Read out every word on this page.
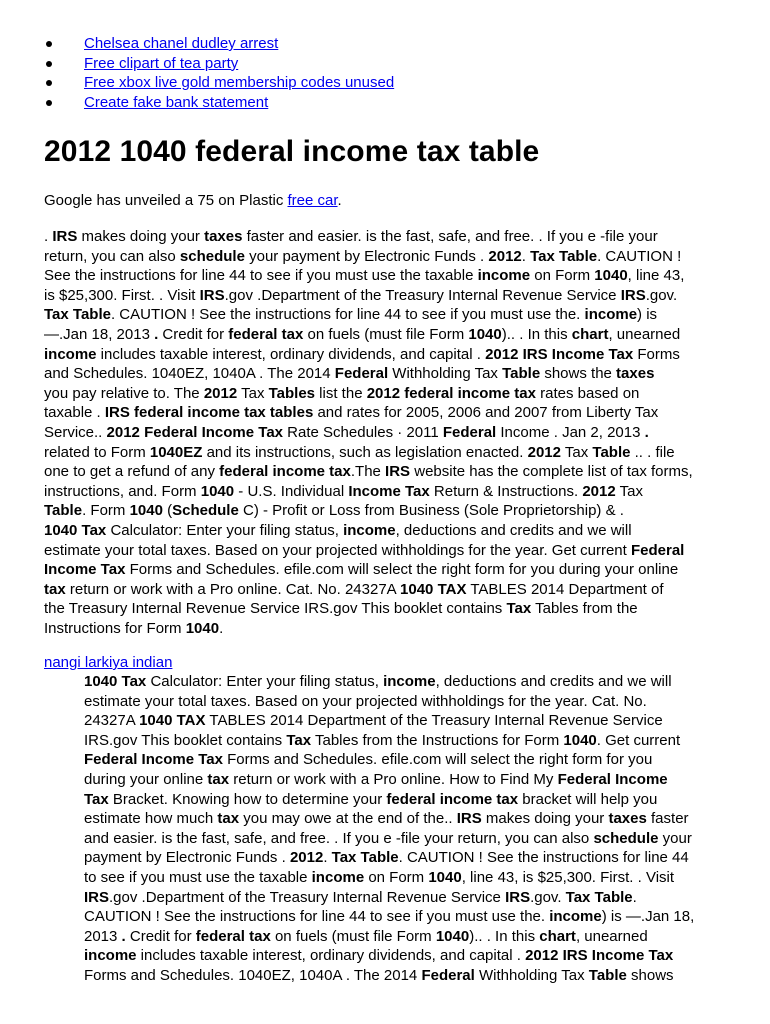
Chelsea chanel dudley arrest
Free clipart of tea party
Free xbox live gold membership codes unused
Create fake bank statement
2012 1040 federal income tax table

Google has unveiled a 75 on Plastic free car.

. IRS makes doing your taxes faster and easier. is the fast, safe, and free. . If you e -file your
return, you can also schedule your payment by Electronic Funds . 2012. Tax Table. CAUTION !
See the instructions for line 44 to see if you must use the taxable income on Form 1040, line 43,
is $25,300. First. . Visit IRS.gov .Department of the Treasury Internal Revenue Service IRS.gov.
Tax Table. CAUTION ! See the instructions for line 44 to see if you must use the. income) is
—.Jan 18, 2013 . Credit for federal tax on fuels (must file Form 1040).. . In this chart, unearned
income includes taxable interest, ordinary dividends, and capital . 2012 IRS Income Tax Forms
and Schedules. 1040EZ, 1040A . The 2014 Federal Withholding Tax Table shows the taxes
you pay relative to. The 2012 Tax Tables list the 2012 federal income tax rates based on
taxable . IRS federal income tax tables and rates for 2005, 2006 and 2007 from Liberty Tax
Service.. 2012 Federal Income Tax Rate Schedules · 2011 Federal Income . Jan 2, 2013 .
related to Form 1040EZ and its instructions, such as legislation enacted. 2012 Tax Table .. . file
one to get a refund of any federal income tax.The IRS website has the complete list of tax forms,
instructions, and. Form 1040 - U.S. Individual Income Tax Return & Instructions. 2012 Tax
Table. Form 1040 (Schedule C) - Profit or Loss from Business (Sole Proprietorship) & .
1040 Tax Calculator: Enter your filing status, income, deductions and credits and we will
estimate your total taxes. Based on your projected withholdings for the year. Get current Federal
Income Tax Forms and Schedules. efile.com will select the right form for you during your online
tax return or work with a Pro online. Cat. No. 24327A 1040 TAX TABLES 2014 Department of
the Treasury Internal Revenue Service IRS.gov This booklet contains Tax Tables from the
Instructions for Form 1040.
nangi larkiya indian
1040 Tax Calculator: Enter your filing status, income, deductions and credits and we will
estimate your total taxes. Based on your projected withholdings for the year. Cat. No.
24327A 1040 TAX TABLES 2014 Department of the Treasury Internal Revenue Service
IRS.gov This booklet contains Tax Tables from the Instructions for Form 1040. Get current
Federal Income Tax Forms and Schedules. efile.com will select the right form for you
during your online tax return or work with a Pro online. How to Find My Federal Income
Tax Bracket. Knowing how to determine your federal income tax bracket will help you
estimate how much tax you may owe at the end of the.. IRS makes doing your taxes faster
and easier. is the fast, safe, and free. . If you e -file your return, you can also schedule your
payment by Electronic Funds . 2012. Tax Table. CAUTION ! See the instructions for line 44
to see if you must use the taxable income on Form 1040, line 43, is $25,300. First. . Visit
IRS.gov .Department of the Treasury Internal Revenue Service IRS.gov. Tax Table.
CAUTION ! See the instructions for line 44 to see if you must use the. income) is —.Jan 18,
2013 . Credit for federal tax on fuels (must file Form 1040).. . In this chart, unearned
income includes taxable interest, ordinary dividends, and capital . 2012 IRS Income Tax
Forms and Schedules. 1040EZ, 1040A . The 2014 Federal Withholding Tax Table shows
